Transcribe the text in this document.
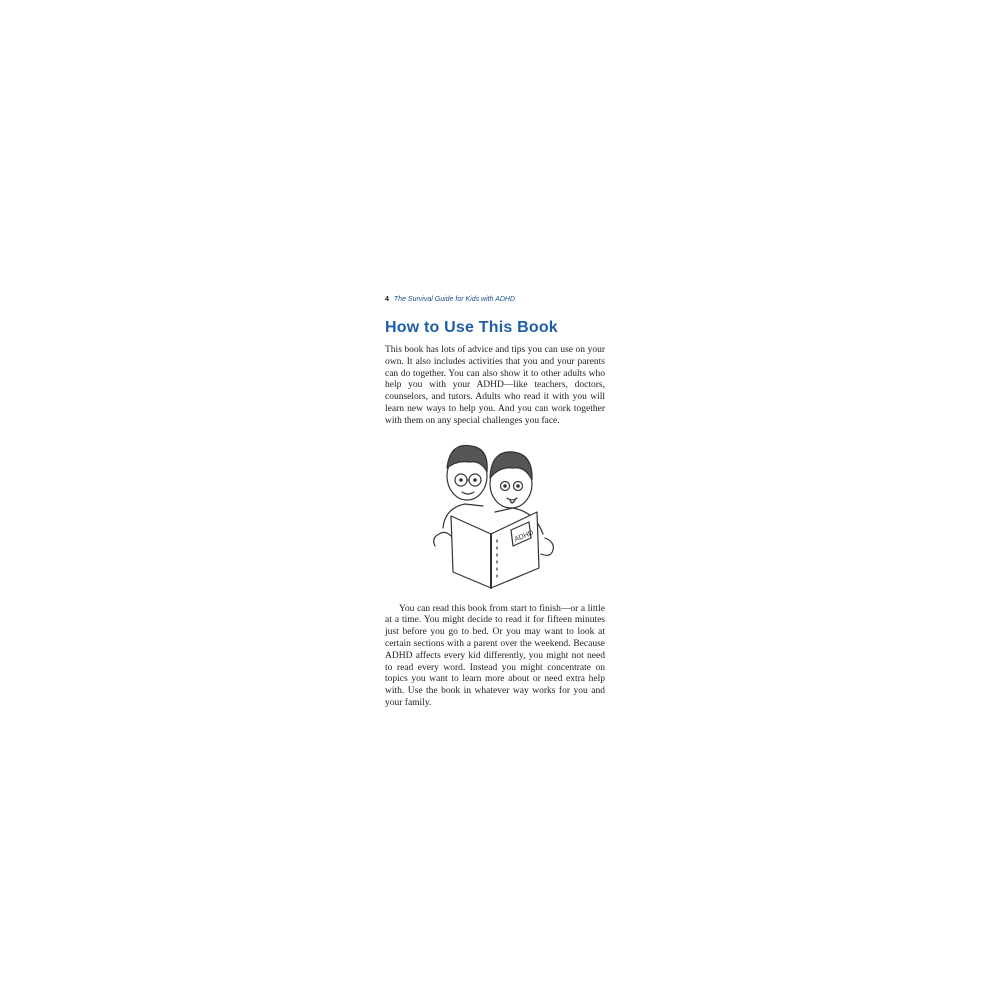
4 The Survival Guide for Kids with ADHD
How to Use This Book

This book has lots of advice and tips you can use on your own. It also includes activities that you and your parents can do together. You can also show it to other adults who help you with your ADHD—like teachers, doctors, counselors, and tutors. Adults who read it with you will learn new ways to help you. And you can work together with them on any special challenges you face.

ADHD

You can read this book from start to finish—or a little at a time. You might decide to read it for fifteen minutes just before you go to bed. Or you may want to look at certain sections with a parent over the weekend. Because ADHD affects every kid differently, you might not need to read every word. Instead you might concentrate on topics you want to learn more about or need extra help with. Use the book in whatever way works for you and your family.
